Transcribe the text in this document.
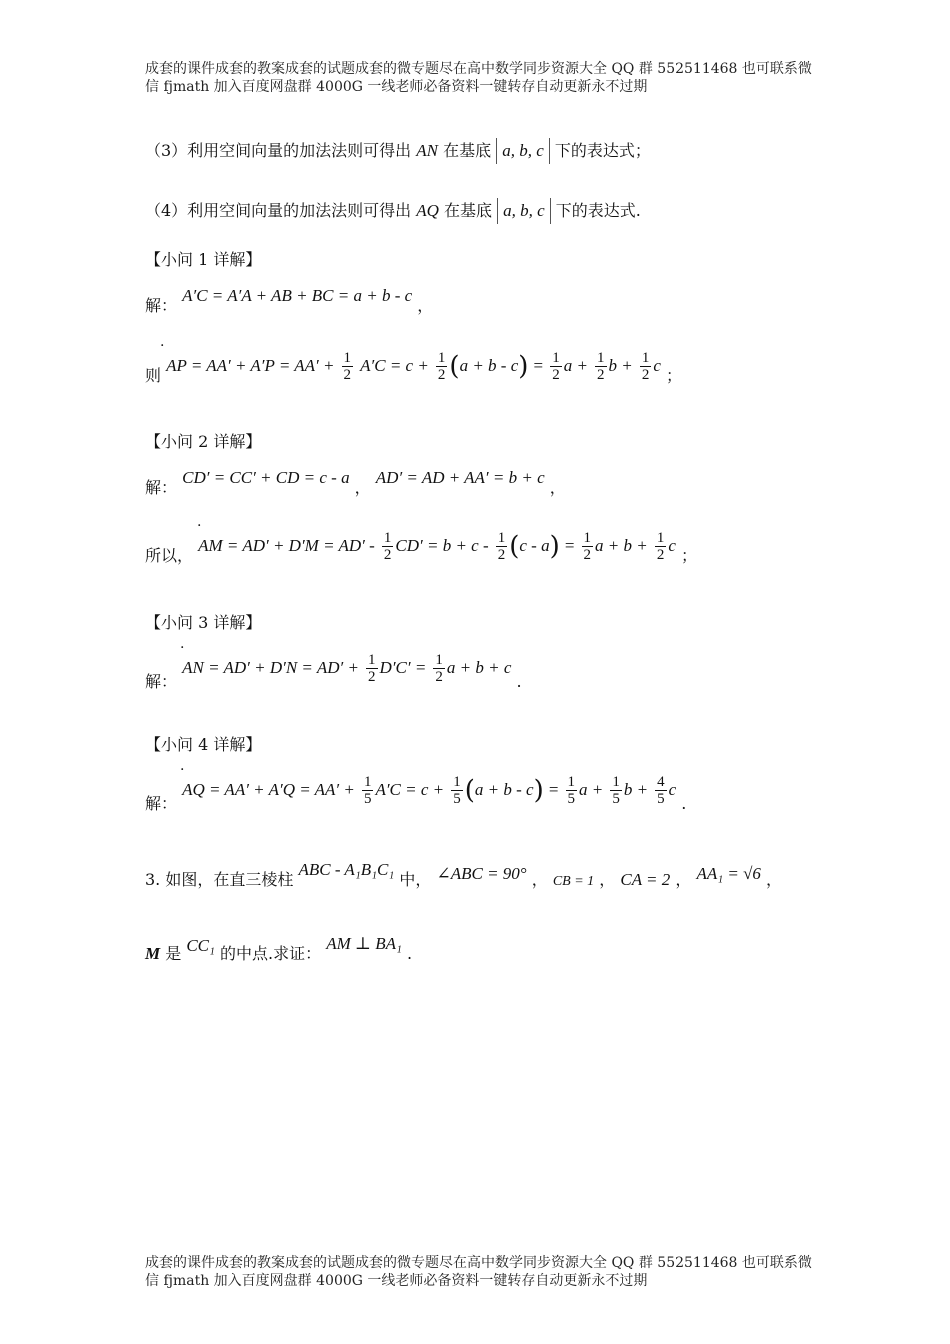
成套的课件成套的教案成套的试题成套的微专题尽在高中数学同步资源大全 QQ 群 552511468 也可联系微
信 fjmath 加入百度网盘群 4000G 一线老师必备资料一键转存自动更新永不过期
（3）利用空间向量的加法法则可得出 AN 在基底 a, b, c 下的表达式；
（4）利用空间向量的加法法则可得出 AQ 在基底 a, b, c 下的表达式.
【小问 1 详解】
解： A′C = A′A + AB + BC = a + b - c ，
.
则 AP = $AA' + A'P = AA' + \frac{1}{2} A'C = c + \frac{1}{2} (a + b - c) = \frac{1}{2}$ $a + \frac{1}{2}$ $b + \frac{1}{2}$ c ；
【小问 2 详解】
解： CD′ = CC′ + CD = c - a ， AD′ = AD + AA′ = b + c ，
.
所以， AM = $AD' + D'M = AD' - \frac{1}{2} CD' = b + c - \frac{1}{2} (c - a) = \frac{1}{2}$ $a + b + \frac{1}{2}$ c ；
【小问 3 详解】
.
解： AN = $AD' + D'N = AD' + \frac{1}{2} D'C' = \frac{1}{2}$ a + b + c .
【小问 4 详解】
.
解： AQ = $AA' + A'Q = AA' + \frac{1}{5} A'C = c + \frac{1}{5} (a + b - c) = \frac{1}{5}$ $a + \frac{1}{5}$ $b + \frac{4}{5}$ c .
3. 如图，在直三棱柱 ABC - A₁B₁C₁ 中， ∠ABC = 90° ， CB = 1 ， CA = 2 ， AA₁ = √6 ，
M 是 CC₁ 的中点.求证： AM ⊥ BA₁ .
成套的课件成套的教案成套的试题成套的微专题尽在高中数学同步资源大全 QQ 群 552511468 也可联系微
信 fjmath 加入百度网盘群 4000G 一线老师必备资料一键转存自动更新永不过期
